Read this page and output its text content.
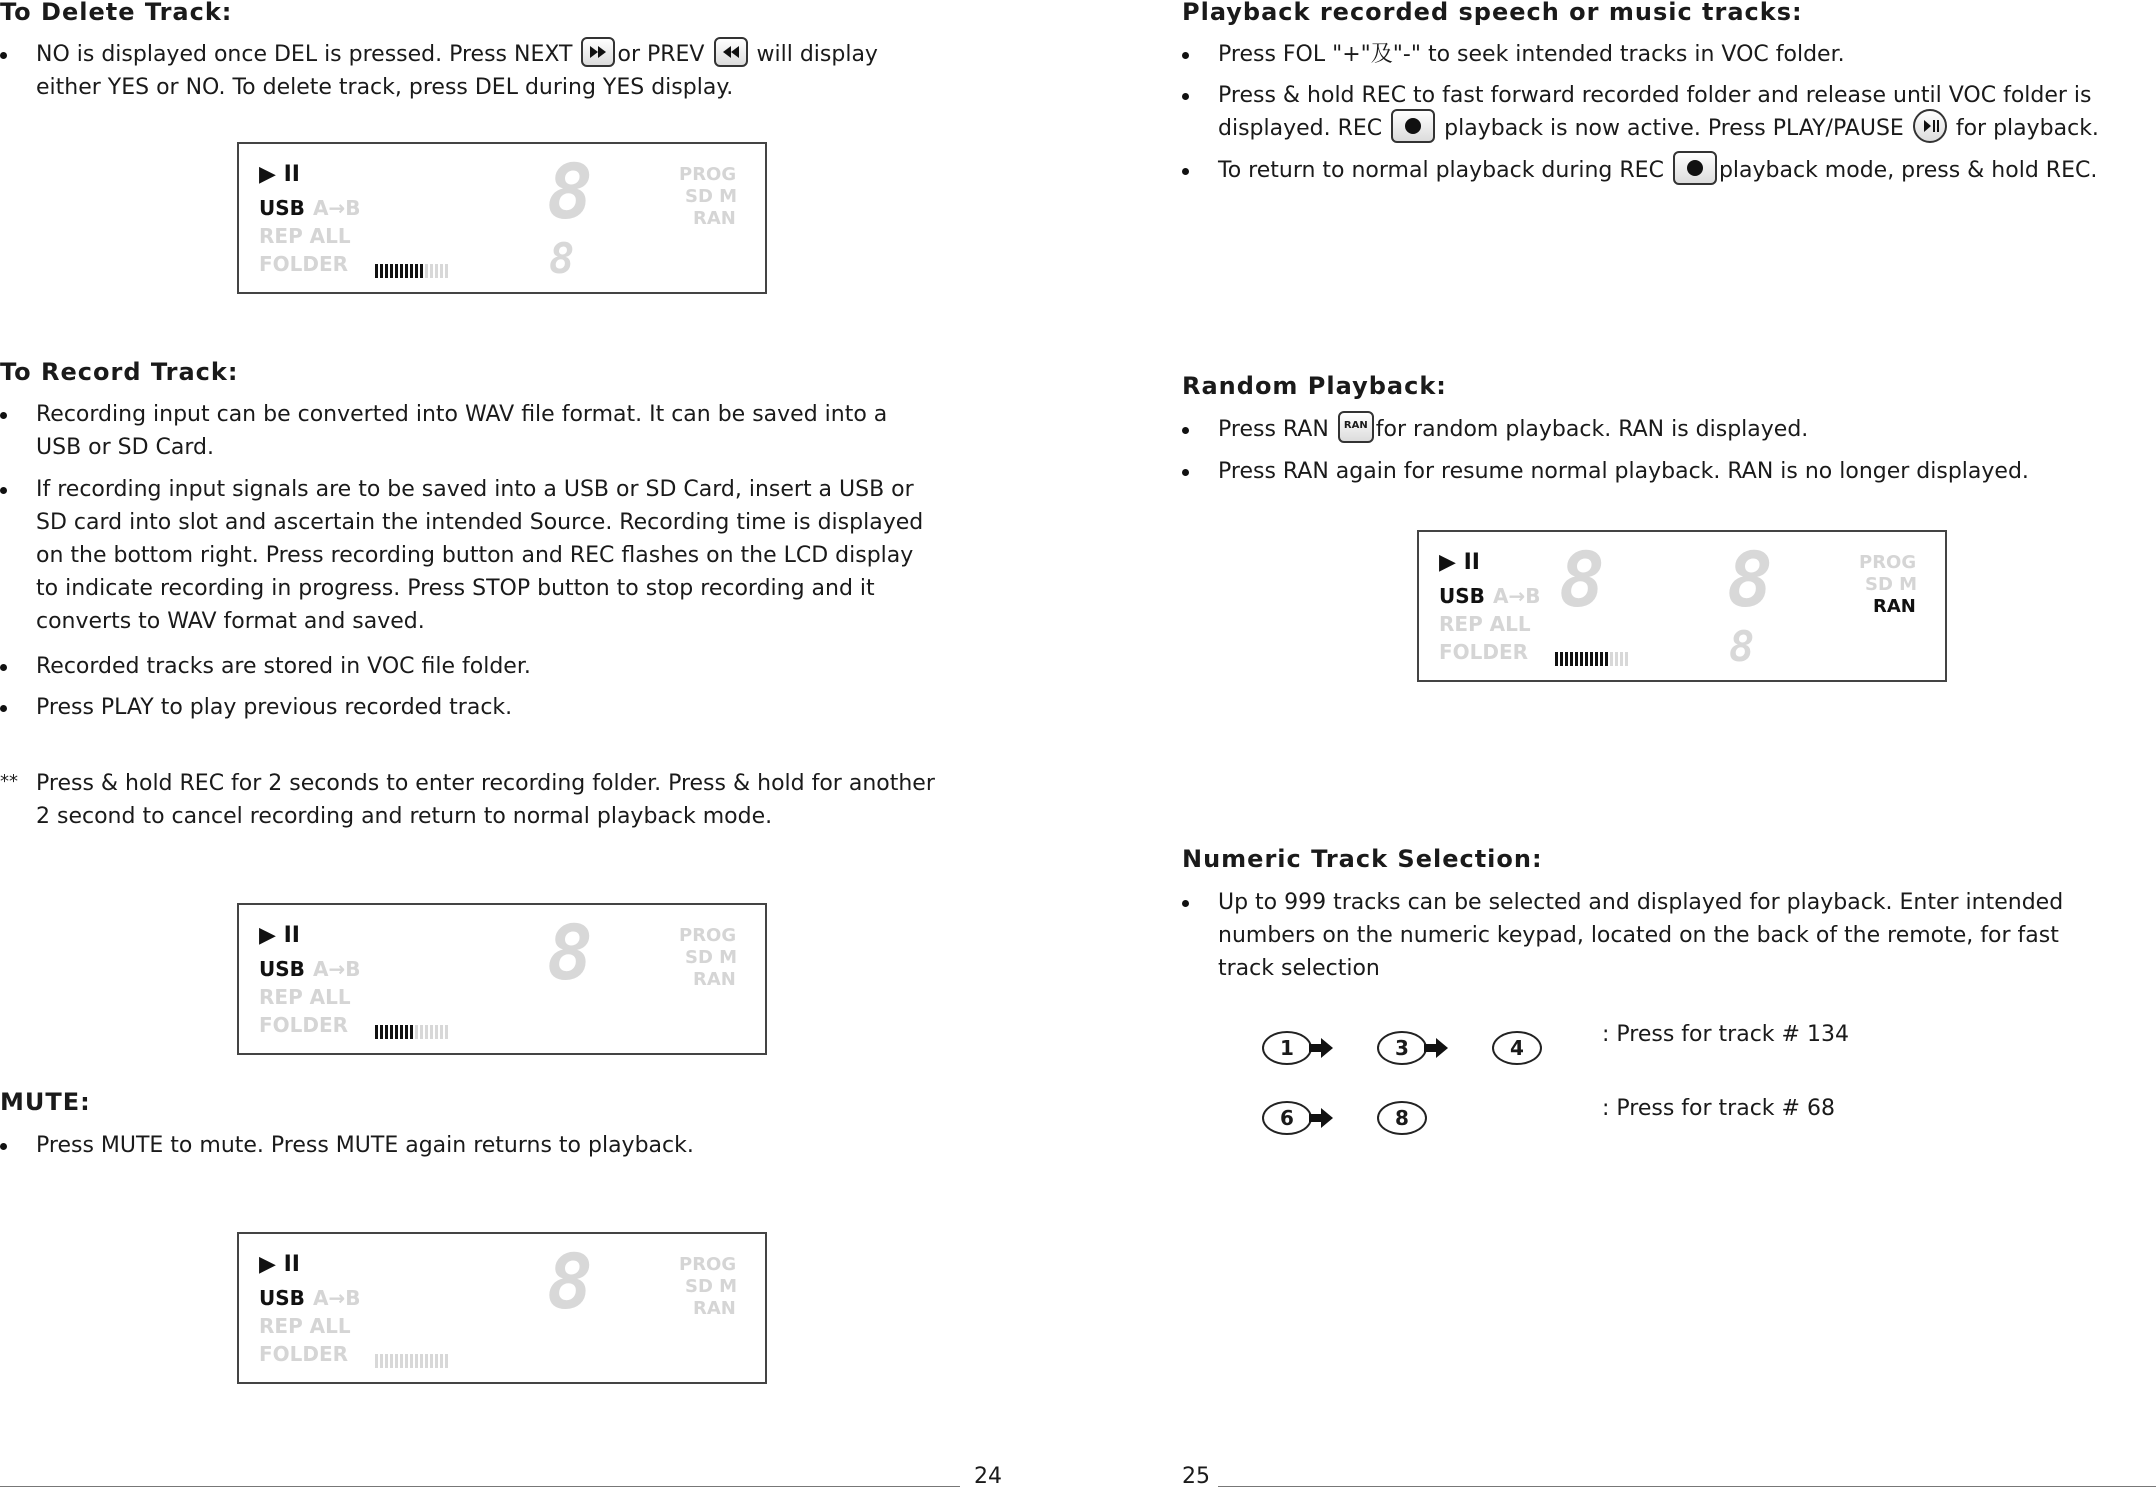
To Delete Track:
NO is displayed once DEL is pressed. Press NEXT or PREV will display
either YES or NO. To delete track, press DEL during YES display.
▶ II
USB A→B
REP ALL
FOLDER
8	PROG
SD M
RAN
8
To Record Track:
Recording input can be converted into WAV file format. It can be saved into a
USB or SD Card.
If recording input signals are to be saved into a USB or SD Card, insert a USB or
SD card into slot and ascertain the intended Source. Recording time is displayed
on the bottom right. Press recording button and REC flashes on the LCD display
to indicate recording in progress. Press STOP button to stop recording and it
converts to WAV format and saved.
Recorded tracks are stored in VOC file folder.
Press PLAY to play previous recorded track.
** Press & hold REC for 2 seconds to enter recording folder. Press & hold for another
2 second to cancel recording and return to normal playback mode.
▶ II
USB A→B
REP ALL
FOLDER
8	PROG
SD M
RAN
MUTE:
Press MUTE to mute. Press MUTE again returns to playback.
▶ II
USB A→B
REP ALL
FOLDER
8	PROG
SD M
RAN
24
Playback recorded speech or music tracks:
Press FOL "+"及"-" to seek intended tracks in VOC folder.
Press & hold REC to fast forward recorded folder and release until VOC folder is
displayed. REC	playback is now active. Press PLAY/PAUSE for playback.
To return to normal playback during REC	playback mode, press & hold REC.
Random Playback:
Press RAN	RAN for random playback. RAN is displayed.
Press RAN again for resume normal playback. RAN is no longer displayed.
▶ II
USB A→B
REP ALL
FOLDER
8 8	PROG
SD M
RAN
8
Numeric Track Selection:
Up to 999 tracks can be selected and displayed for playback. Enter intended
numbers on the numeric keypad, located on the back of the remote, for fast
track selection
1	3	4
: Press for track # 134
6	8	: Press for track # 68
25
